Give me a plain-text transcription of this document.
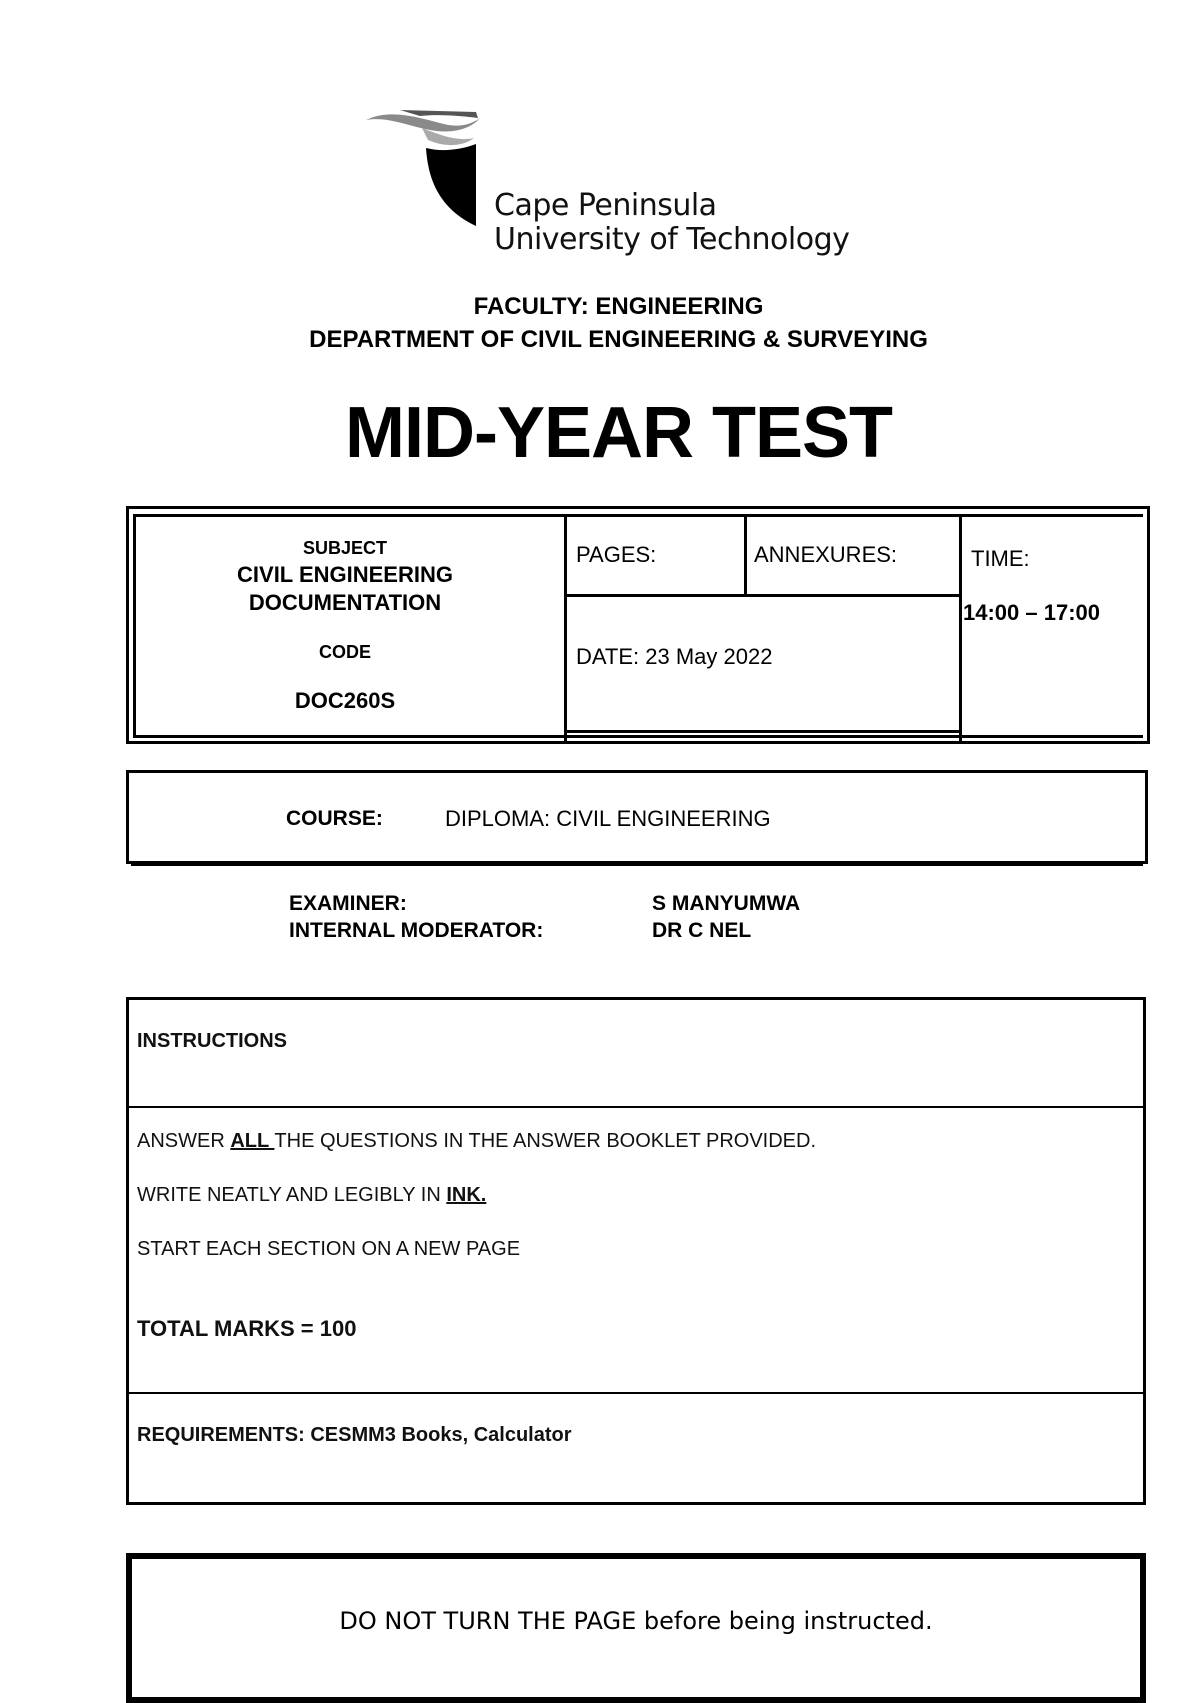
Cape Peninsula
University of Technology
FACULTY: ENGINEERING
DEPARTMENT OF CIVIL ENGINEERING & SURVEYING
MID-YEAR TEST
SUBJECT
CIVIL ENGINEERING
DOCUMENTATION
CODE
DOC260S
PAGES:	ANNEXURES:
DATE: 23 May 2022
TIME:
14:00 – 17:00
COURSE:	DIPLOMA: CIVIL ENGINEERING
EXAMINER:	S MANYUMWA
INTERNAL MODERATOR:	DR C NEL
INSTRUCTIONS
ANSWER ALL THE QUESTIONS IN THE ANSWER BOOKLET PROVIDED.
WRITE NEATLY AND LEGIBLY IN INK.
START EACH SECTION ON A NEW PAGE
TOTAL MARKS = 100
REQUIREMENTS: CESMM3 Books, Calculator
DO NOT TURN THE PAGE before being instructed.
